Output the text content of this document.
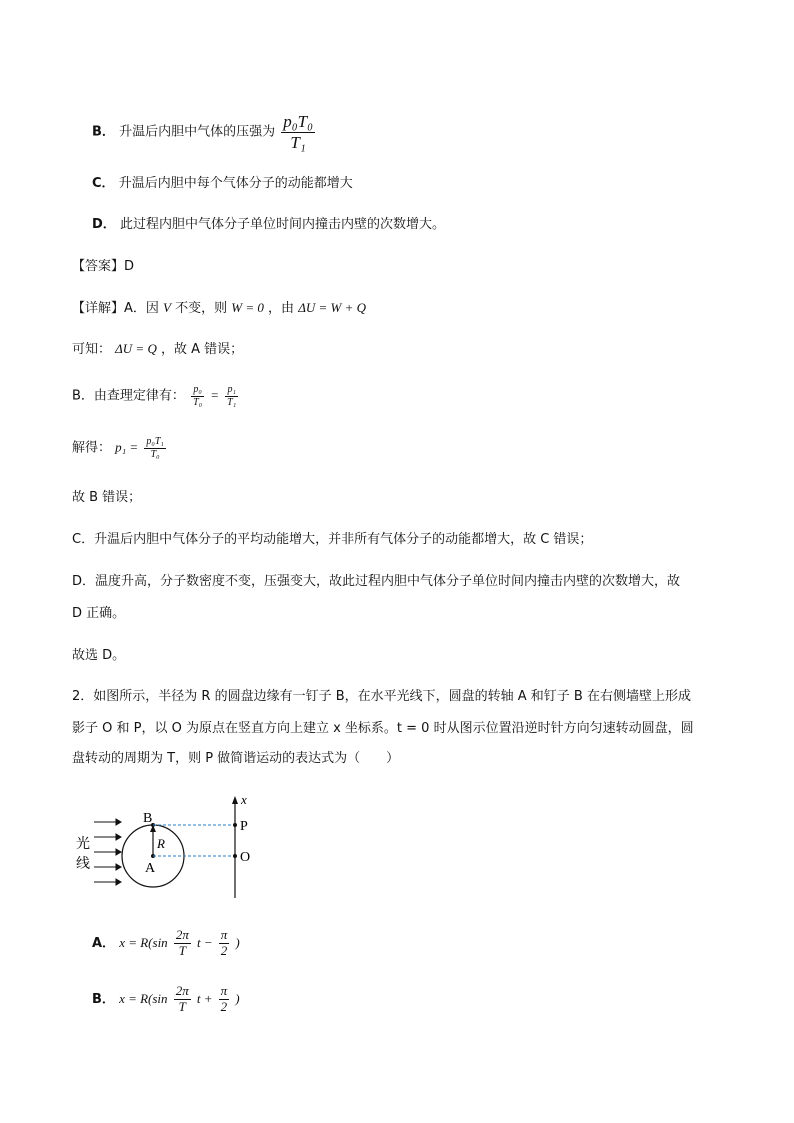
B． 升温后内胆中气体的压强为 $\frac{\text{p₀T₀}}{\text{T₁}}$
C． 升温后内胆中每个气体分子的动能都增大
D． 此过程内胆中气体分子单位时间内撞击内壁的次数增大。
【答案】D
【详解】A．因 V 不变，则 W = 0 ，由 ΔU = W + Q
可知： ΔU = Q ，故 A 错误；
B．由查理定律有： $\frac{\text{p₀}}{\text{T₀}} = \frac{\text{p₁}}{\text{T₁}}$
解得： $p_1 = \frac{\text{p₀T₁}}{\text{T₀}}$
故 B 错误；
C．升温后内胆中气体分子的平均动能增大，并非所有气体分子的动能都增大，故 C 错误；
D．温度升高，分子数密度不变，压强变大，故此过程内胆中气体分子单位时间内撞击内壁的次数增大，故
D 正确。
故选 D。
2．如图所示，半径为 R 的圆盘边缘有一钉子 B，在水平光线下，圆盘的转轴 A 和钉子 B 在右侧墙壁上形成
影子 O 和 P，以 O 为原点在竖直方向上建立 x 坐标系。t = 0 时从图示位置沿逆时针方向匀速转动圆盘，圆
盘转动的周期为 T，则 P 做简谐运动的表达式为（　　）
光
线
B
A
R
x
P
O
A． $x = R(\sin \frac{2\pi}{T}$ $t - \frac{\pi}{2}$ )
B． $x = R(\sin \frac{2\pi}{T}$ $t + \frac{\pi}{2}$ )
